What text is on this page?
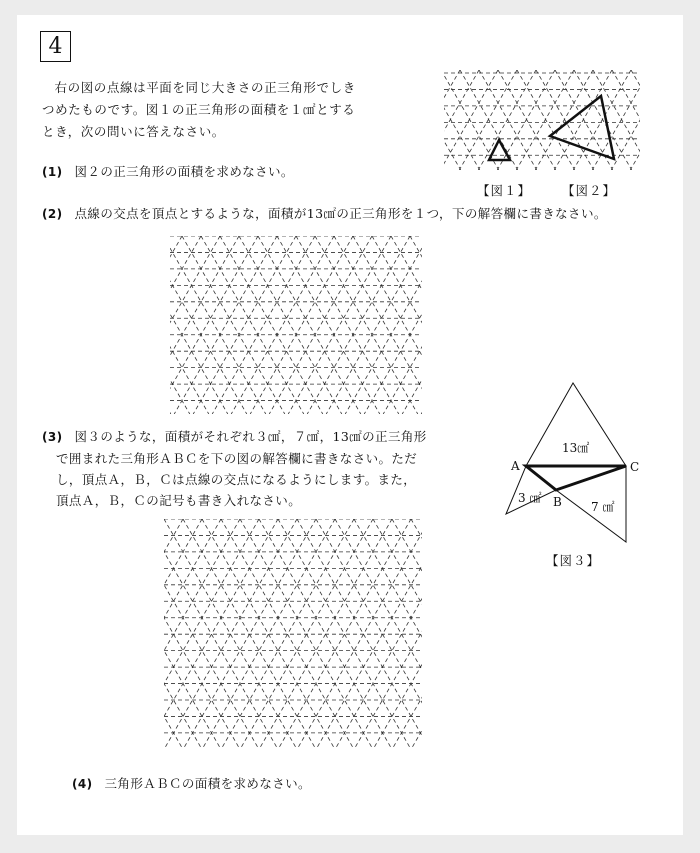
4
右の図の点線は平面を同じ大きさの正三角形でしき
つめたものです。図１の正三角形の面積を１㎠とする
とき，次の問いに答えなさい。
【図１】 【図２】
(1) 図２の正三角形の面積を求めなさい。
(2) 点線の交点を頂点とするような，面積が13㎠の正三角形を１つ，下の解答欄に書きなさい。
(3) 図３のような，面積がそれぞれ３㎠，７㎠，13㎠の正三角形
で囲まれた三角形ＡＢＣを下の図の解答欄に書きなさい。ただ
し，頂点Ａ，Ｂ，Ｃは点線の交点になるようにします。また，
頂点Ａ，Ｂ，Ｃの記号も書き入れなさい。
13㎠
3 ㎠
7 ㎠
A	C
B
【図３】
(4) 三角形ＡＢＣの面積を求めなさい。
